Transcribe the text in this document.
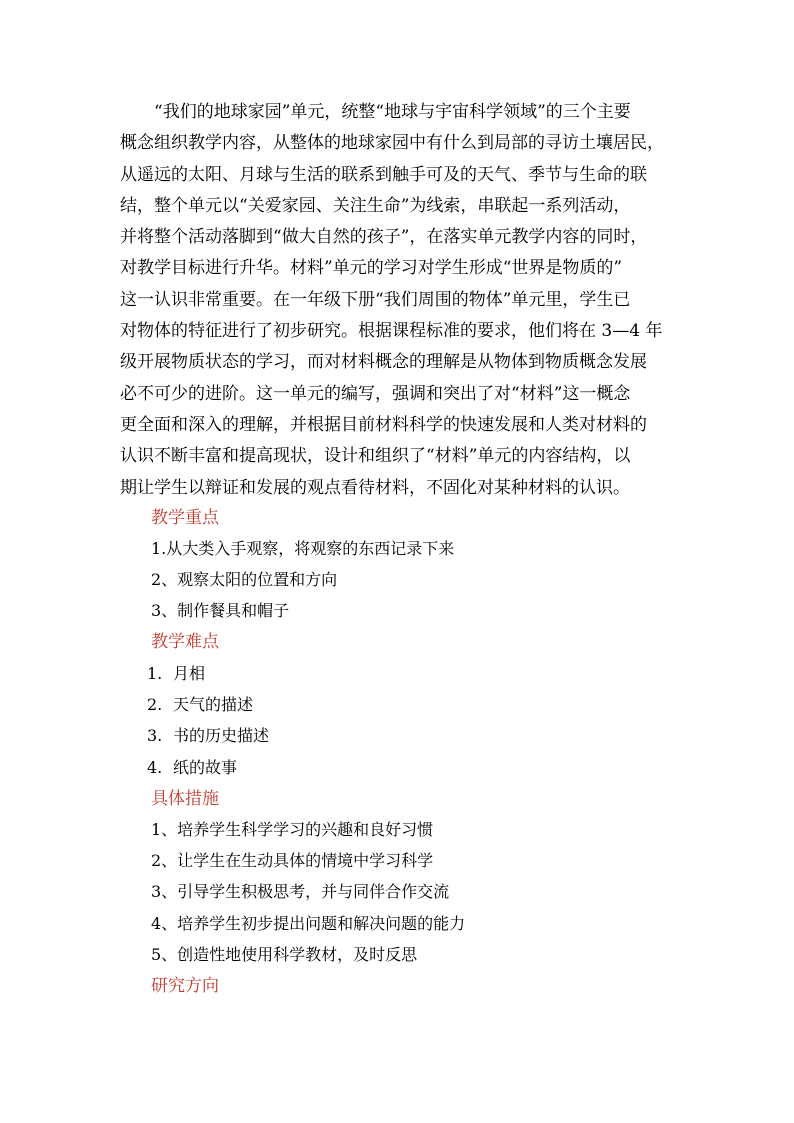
　　“我们的地球家园”单元，统整“地球与宇宙科学领域”的三个主要
概念组织教学内容，从整体的地球家园中有什么到局部的寻访土壤居民，
从遥远的太阳、月球与生活的联系到触手可及的天气、季节与生命的联
结，整个单元以“关爱家园、关注生命”为线索，串联起一系列活动，
并将整个活动落脚到“做大自然的孩子”，在落实单元教学内容的同时，
对教学目标进行升华。材料”单元的学习对学生形成“世界是物质的”
这一认识非常重要。在一年级下册“我们周围的物体”单元里，学生已
对物体的特征进行了初步研究。根据课程标准的要求，他们将在 3—4 年
级开展物质状态的学习，而对材料概念的理解是从物体到物质概念发展
必不可少的进阶。这一单元的编写，强调和突出了对“材料”这一概念
更全面和深入的理解，并根据目前材料科学的快速发展和人类对材料的
认识不断丰富和提高现状，设计和组织了“材料”单元的内容结构，以
期让学生以辩证和发展的观点看待材料，不固化对某种材料的认识。
教学重点
1.从大类入手观察，将观察的东西记录下来
2、观察太阳的位置和方向
3、制作餐具和帽子
教学难点
1. 月相
2. 天气的描述
3. 书的历史描述
4. 纸的故事
具体措施
1、培养学生科学学习的兴趣和良好习惯
2、让学生在生动具体的情境中学习科学
3、引导学生积极思考，并与同伴合作交流
4、培养学生初步提出问题和解决问题的能力
5、创造性地使用科学教材，及时反思
研究方向
